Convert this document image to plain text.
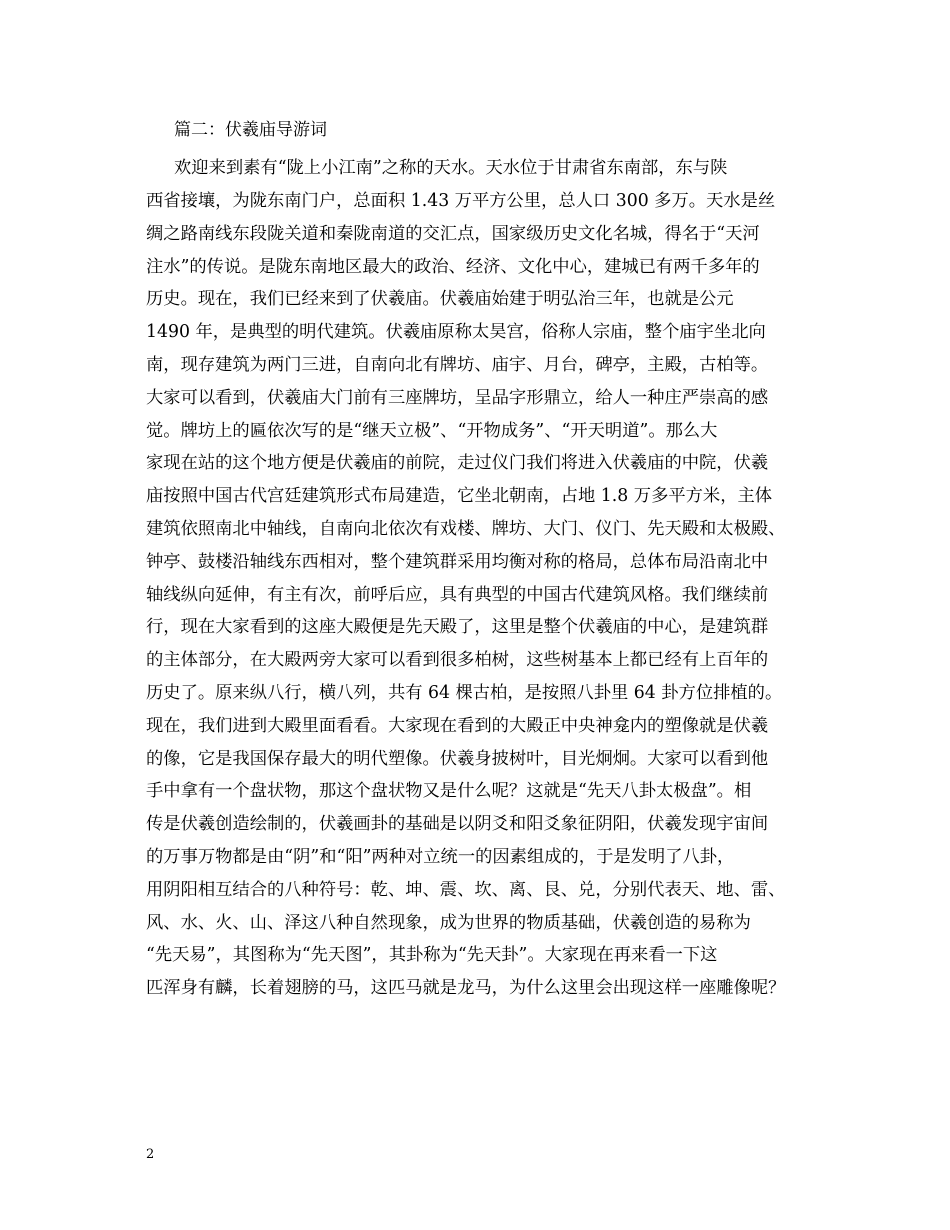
篇二：伏羲庙导游词
欢迎来到素有“陇上小江南”之称的天水。天水位于甘肃省东南部，东与陕
西省接壤，为陇东南门户，总面积 1.43 万平方公里，总人口 300 多万。天水是丝
绸之路南线东段陇关道和秦陇南道的交汇点，国家级历史文化名城，得名于“天河
注水”的传说。是陇东南地区最大的政治、经济、文化中心，建城已有两千多年的
历史。现在，我们已经来到了伏羲庙。伏羲庙始建于明弘治三年，也就是公元
1490 年，是典型的明代建筑。伏羲庙原称太昊宫，俗称人宗庙，整个庙宇坐北向
南，现存建筑为两门三进，自南向北有牌坊、庙宇、月台，碑亭，主殿，古柏等。
大家可以看到，伏羲庙大门前有三座牌坊，呈品字形鼎立，给人一种庄严崇高的感
觉。牌坊上的匾依次写的是“继天立极”、“开物成务”、“开天明道”。那么大
家现在站的这个地方便是伏羲庙的前院，走过仪门我们将进入伏羲庙的中院，伏羲
庙按照中国古代宫廷建筑形式布局建造，它坐北朝南，占地 1.8 万多平方米，主体
建筑依照南北中轴线，自南向北依次有戏楼、牌坊、大门、仪门、先天殿和太极殿、
钟亭、鼓楼沿轴线东西相对，整个建筑群采用均衡对称的格局，总体布局沿南北中
轴线纵向延伸，有主有次，前呼后应，具有典型的中国古代建筑风格。我们继续前
行，现在大家看到的这座大殿便是先天殿了，这里是整个伏羲庙的中心，是建筑群
的主体部分，在大殿两旁大家可以看到很多柏树，这些树基本上都已经有上百年的
历史了。原来纵八行，横八列，共有 64 棵古柏，是按照八卦里 64 卦方位排植的。
现在，我们进到大殿里面看看。大家现在看到的大殿正中央神龛内的塑像就是伏羲
的像，它是我国保存最大的明代塑像。伏羲身披树叶，目光炯炯。大家可以看到他
手中拿有一个盘状物，那这个盘状物又是什么呢？这就是“先天八卦太极盘”。相
传是伏羲创造绘制的，伏羲画卦的基础是以阴爻和阳爻象征阴阳，伏羲发现宇宙间
的万事万物都是由“阴”和“阳”两种对立统一的因素组成的，于是发明了八卦，
用阴阳相互结合的八种符号：乾、坤、震、坎、离、艮、兑，分别代表天、地、雷、
风、水、火、山、泽这八种自然现象，成为世界的物质基础，伏羲创造的易称为
“先天易”，其图称为“先天图”，其卦称为“先天卦”。大家现在再来看一下这
匹浑身有麟，长着翅膀的马，这匹马就是龙马，为什么这里会出现这样一座雕像呢？
2
